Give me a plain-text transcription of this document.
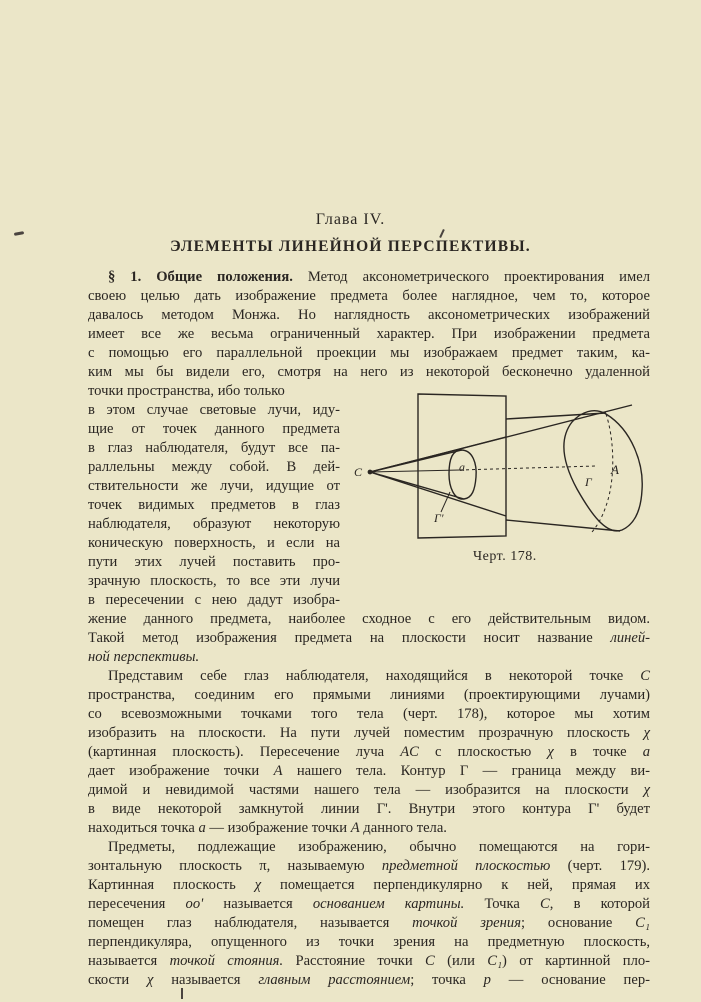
Глава IV.
ЭЛЕМЕНТЫ ЛИНЕЙНОЙ ПЕРСПЕКТИВЫ.
§ 1. Общие положения. Метод аксонометрического проектирования имел
своею целью дать изображение предмета более наглядное, чем то, которое
давалось методом Монжа. Но наглядность аксонометрических изображений
имеет все же весьма ограниченный характер. При изображении предмета
с помощью его параллельной проекции мы изображаем предмет таким, ка-
ким мы бы видели его, смотря на него из некоторой бесконечно удаленной
точки пространства, ибо только
в этом случае световые лучи, иду-
щие от точек данного предмета
в глаз наблюдателя, будут все па-
раллельны между собой. В дей-
ствительности же лучи, идущие от
точек видимых предметов в глаз
наблюдателя, образуют некоторую
коническую поверхность, и если на
пути этих лучей поставить про-
зрачную плоскость, то все эти лучи
в пересечении с нею дадут изобра-
C	a
Г'
A
Г
Черт. 178.
жение данного предмета, наиболее сходное с его действительным видом.
Такой метод изображения предмета на плоскости носит название линей-
ной перспективы.
Представим себе глаз наблюдателя, находящийся в некоторой точке C
пространства, соединим его прямыми линиями (проектирующими лучами)
со всевозможными точками того тела (черт. 178), которое мы хотим
изобразить на плоскости. На пути лучей поместим прозрачную плоскость χ
(картинная плоскость). Пересечение луча AC с плоскостью χ в точке a
дает изображение точки A нашего тела. Контур Г — граница между ви-
димой и невидимой частями нашего тела — изобразится на плоскости χ
в виде некоторой замкнутой линии Г'. Внутри этого контура Г' будет
находиться точка a — изображение точки A данного тела.
Предметы, подлежащие изображению, обычно помещаются на гори-
зонтальную плоскость π, называемую предметной плоскостью (черт. 179).
Картинная плоскость χ помещается перпендикулярно к ней, прямая их
пересечения oo' называется основанием картины. Точка C, в которой
помещен глаз наблюдателя, называется точкой зрения; основание C₁
перпендикуляра, опущенного из точки зрения на предметную плоскость,
называется точкой стояния. Расстояние точки C (или C₁) от картинной пло-
скости χ называется главным расстоянием; точка p — основание пер-
